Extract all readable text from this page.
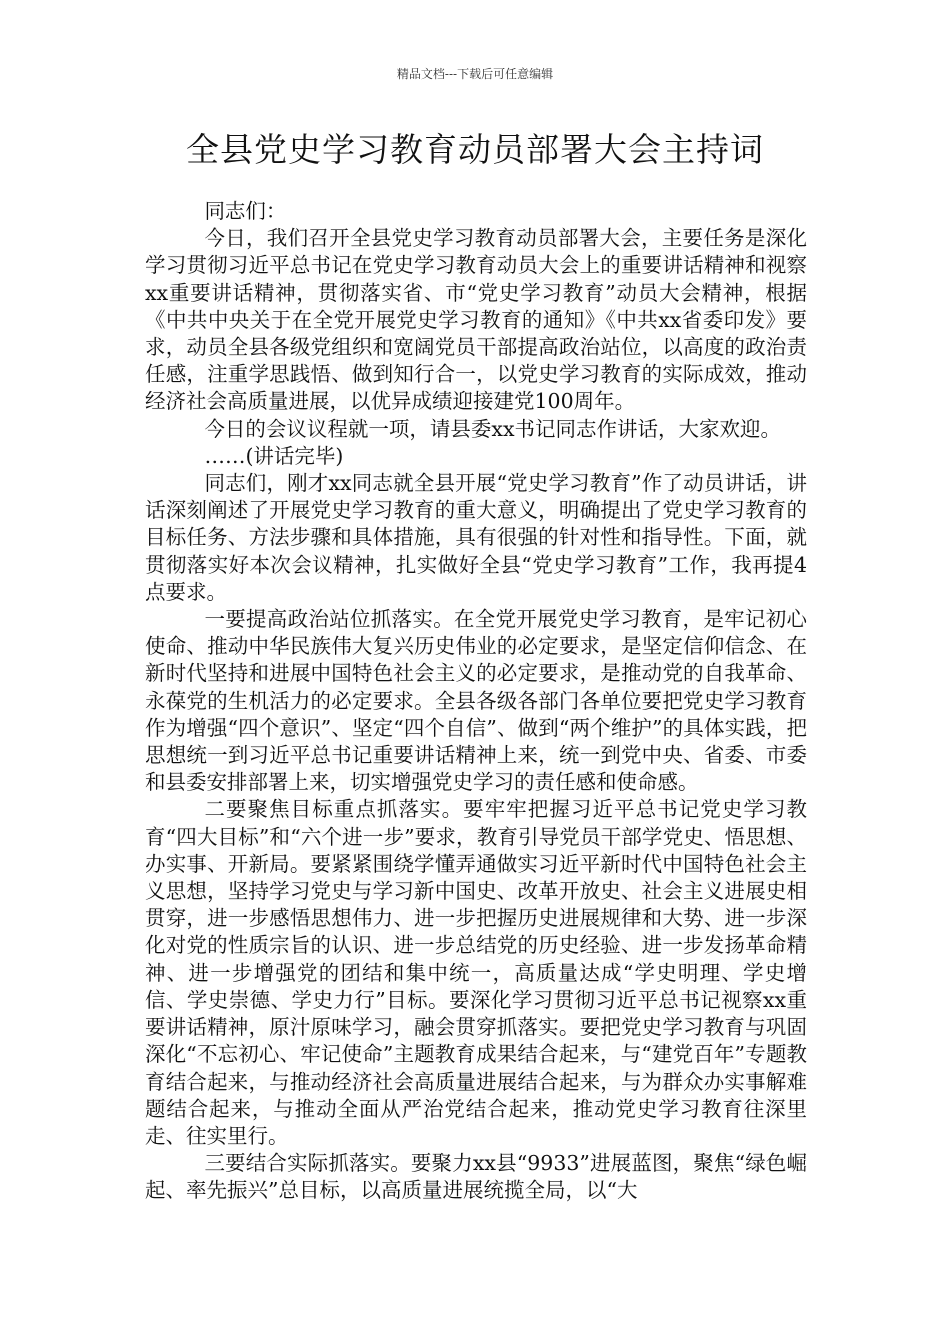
精品文档---下载后可任意编辑
全县党史学习教育动员部署大会主持词

同志们：

今日，我们召开全县党史学习教育动员部署大会，主要任务是深化学习贯彻习近平总书记在党史学习教育动员大会上的重要讲话精神和视察xx重要讲话精神，贯彻落实省、市“党史学习教育”动员大会精神，根据《中共中央关于在全党开展党史学习教育的通知》《中共xx省委印发》要求，动员全县各级党组织和宽阔党员干部提高政治站位，以高度的政治责任感，注重学思践悟、做到知行合一，以党史学习教育的实际成效，推动经济社会高质量进展，以优异成绩迎接建党100周年。

今日的会议议程就一项，请县委xx书记同志作讲话，大家欢迎。

……(讲话完毕)

同志们，刚才xx同志就全县开展“党史学习教育”作了动员讲话，讲话深刻阐述了开展党史学习教育的重大意义，明确提出了党史学习教育的目标任务、方法步骤和具体措施，具有很强的针对性和指导性。下面，就贯彻落实好本次会议精神，扎实做好全县“党史学习教育”工作，我再提4点要求。

一要提高政治站位抓落实。在全党开展党史学习教育，是牢记初心使命、推动中华民族伟大复兴历史伟业的必定要求，是坚定信仰信念、在新时代坚持和进展中国特色社会主义的必定要求，是推动党的自我革命、永葆党的生机活力的必定要求。全县各级各部门各单位要把党史学习教育作为增强“四个意识”、坚定“四个自信”、做到“两个维护”的具体实践，把思想统一到习近平总书记重要讲话精神上来，统一到党中央、省委、市委和县委安排部署上来，切实增强党史学习的责任感和使命感。

二要聚焦目标重点抓落实。要牢牢把握习近平总书记党史学习教育“四大目标”和“六个进一步”要求，教育引导党员干部学党史、悟思想、办实事、开新局。要紧紧围绕学懂弄通做实习近平新时代中国特色社会主义思想，坚持学习党史与学习新中国史、改革开放史、社会主义进展史相贯穿，进一步感悟思想伟力、进一步把握历史进展规律和大势、进一步深化对党的性质宗旨的认识、进一步总结党的历史经验、进一步发扬革命精神、进一步增强党的团结和集中统一，高质量达成“学史明理、学史增信、学史崇德、学史力行”目标。要深化学习贯彻习近平总书记视察xx重要讲话精神，原汁原味学习，融会贯穿抓落实。要把党史学习教育与巩固深化“不忘初心、牢记使命”主题教育成果结合起来，与“建党百年”专题教育结合起来，与推动经济社会高质量进展结合起来，与为群众办实事解难题结合起来，与推动全面从严治党结合起来，推动党史学习教育往深里走、往实里行。

三要结合实际抓落实。要聚力xx县“9933”进展蓝图，聚焦“绿色崛起、率先振兴”总目标，以高质量进展统揽全局，以“大
